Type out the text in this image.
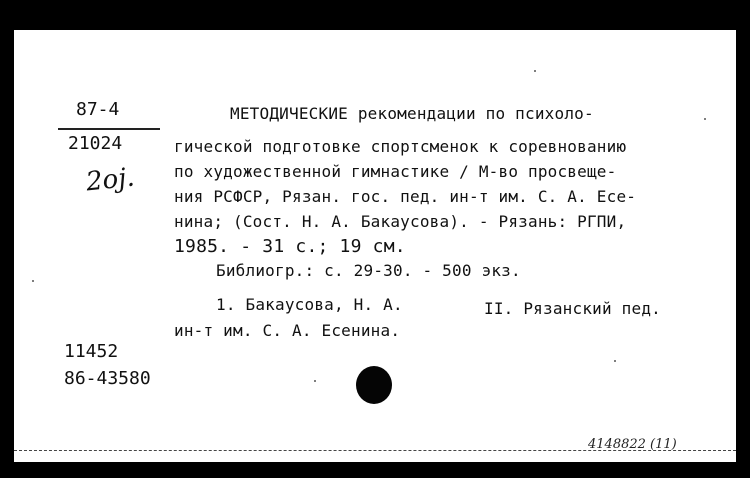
87-4
21024
2ој.
МЕТОДИЧЕСКИЕ рекомендации по психоло-
гической подготовке спортсменок к соревнованию
по художественной гимнастике / М-во просвеще-
ния РСФСР, Рязан. гос. пед. ин-т им. С. А. Есе-
нина; (Сост. Н. А. Бакаусова). - Рязань: РГПИ,
1985. - 31 с.; 19 см.
Библиогр.: с. 29-30. - 500 экз.
1. Бакаусова, Н. А.	II. Рязанский пед.
ин-т им. С. А. Есенина.
11452
86-43580
4148822 (11)
